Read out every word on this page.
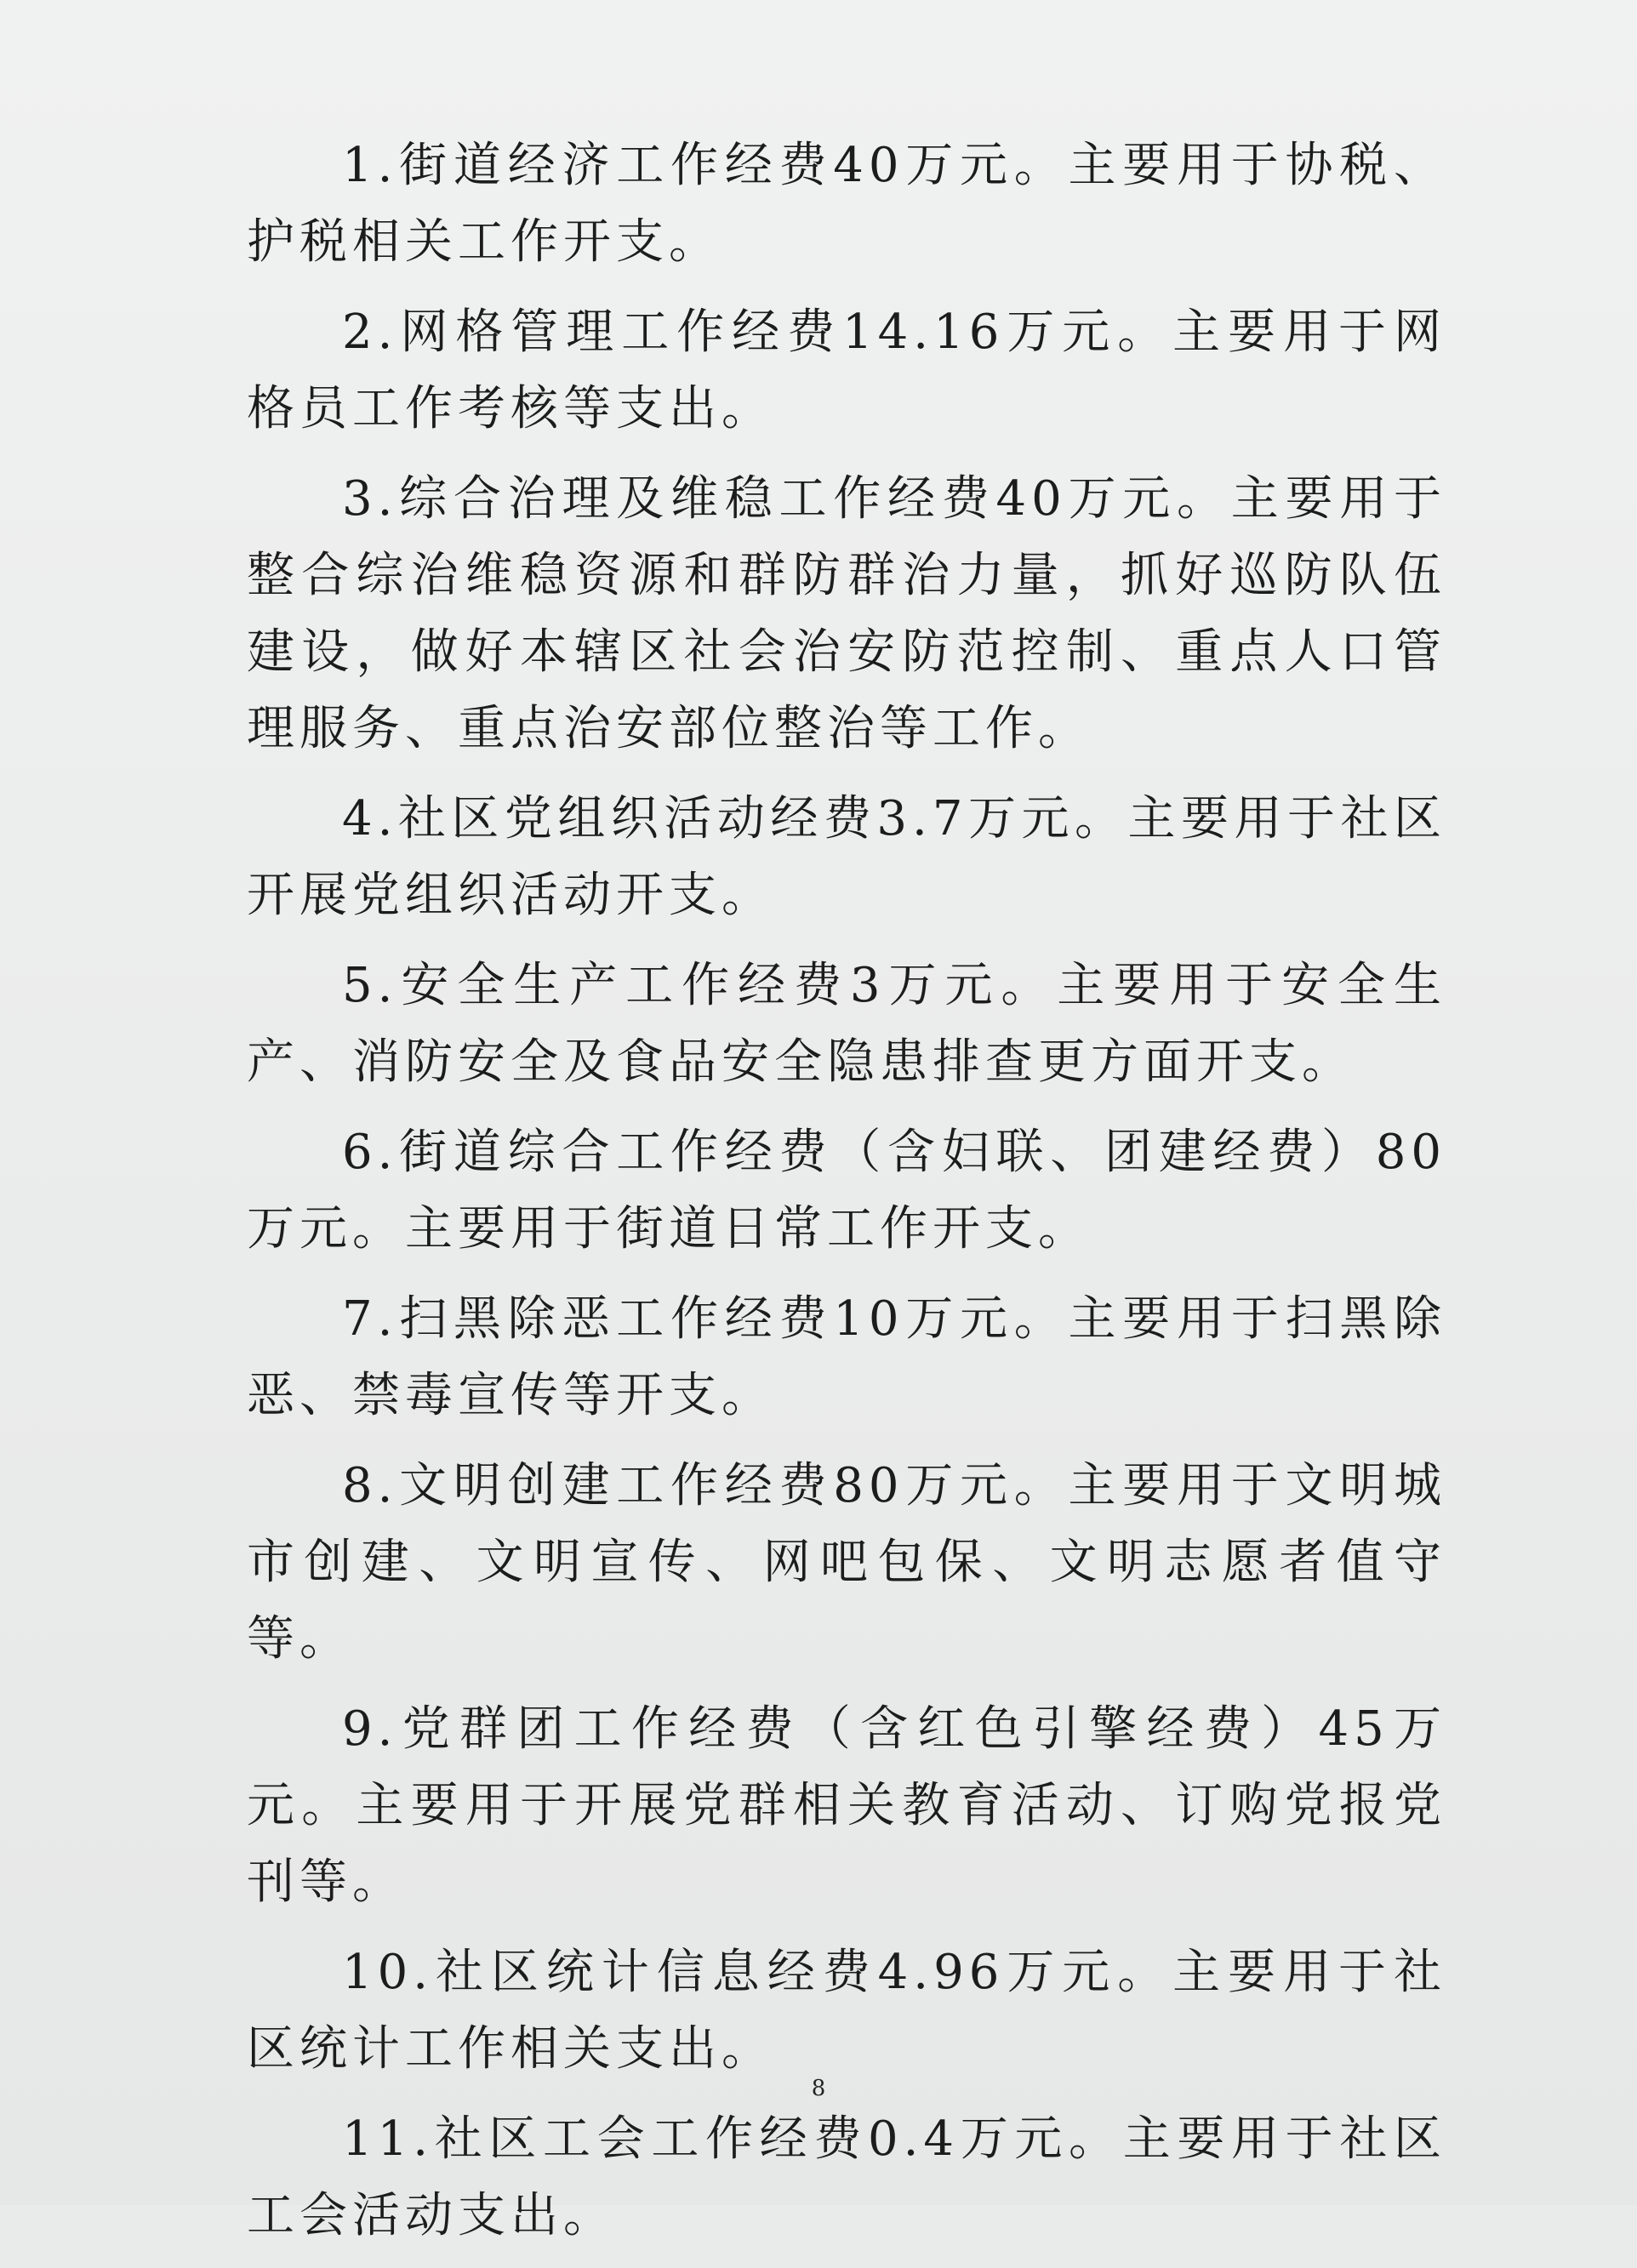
1.街道经济工作经费40万元。主要用于协税、护税相关工作开支。

2.网格管理工作经费14.16万元。主要用于网格员工作考核等支出。

3.综合治理及维稳工作经费40万元。主要用于整合综治维稳资源和群防群治力量，抓好巡防队伍建设，做好本辖区社会治安防范控制、重点人口管理服务、重点治安部位整治等工作。

4.社区党组织活动经费3.7万元。主要用于社区开展党组织活动开支。

5.安全生产工作经费3万元。主要用于安全生产、消防安全及食品安全隐患排查更方面开支。

6.街道综合工作经费（含妇联、团建经费）80万元。主要用于街道日常工作开支。

7.扫黑除恶工作经费10万元。主要用于扫黑除恶、禁毒宣传等开支。

8.文明创建工作经费80万元。主要用于文明城市创建、文明宣传、网吧包保、文明志愿者值守等。

9.党群团工作经费（含红色引擎经费）45万元。主要用于开展党群相关教育活动、订购党报党刊等。

10.社区统计信息经费4.96万元。主要用于社区统计工作相关支出。

11.社区工会工作经费0.4万元。主要用于社区工会活动支出。

8
